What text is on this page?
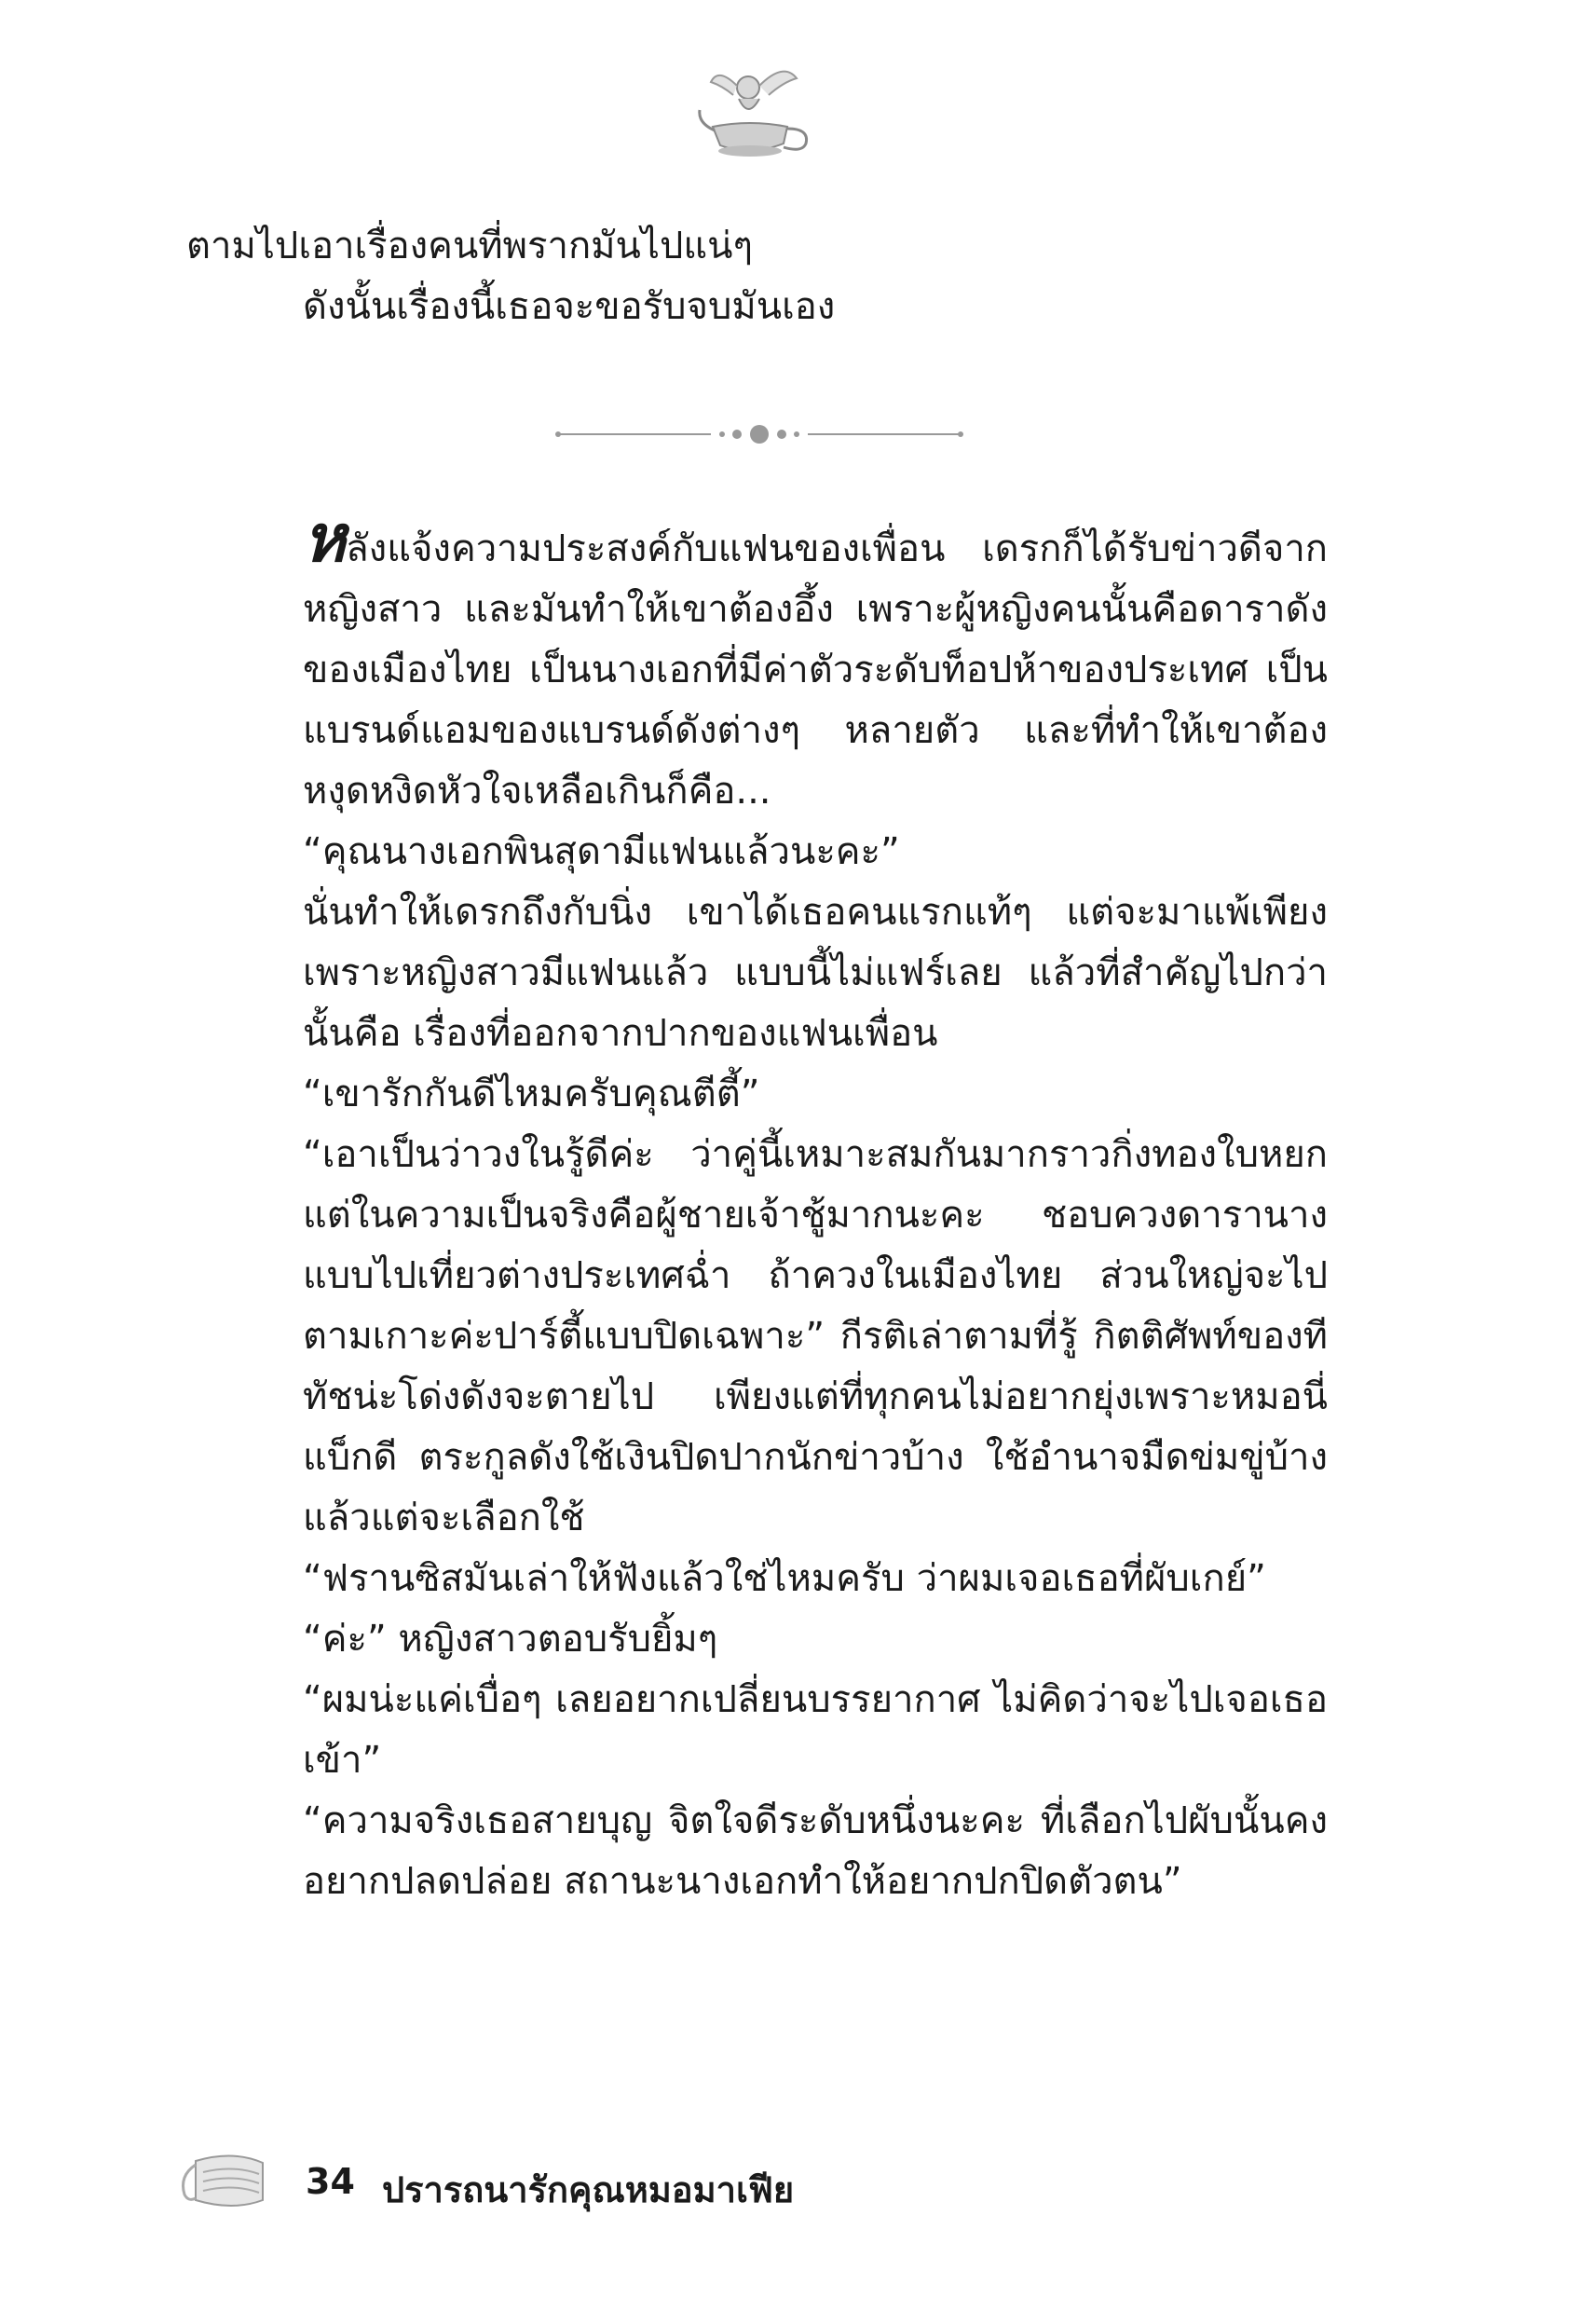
ตามไปเอาเรื่องคนที่พรากมันไปแน่ๆ
ดังนั้นเรื่องนี้เธอจะขอรับจบมันเอง
หลังแจ้งความประสงค์กับแฟนของเพื่อน เดรกก็ได้รับข่าวดีจากหญิงสาว และมันทำให้เขาต้องอึ้ง เพราะผู้หญิงคนนั้นคือดาราดังของเมืองไทย เป็นนางเอกที่มีค่าตัวระดับท็อปห้าของประเทศ เป็นแบรนด์แอมของแบรนด์ดังต่างๆ หลายตัว และที่ทำให้เขาต้องหงุดหงิดหัวใจเหลือเกินก็คือ...
“คุณนางเอกพินสุดามีแฟนแล้วนะคะ”
นั่นทำให้เดรกถึงกับนิ่ง เขาได้เธอคนแรกแท้ๆ แต่จะมาแพ้เพียงเพราะหญิงสาวมีแฟนแล้ว แบบนี้ไม่แฟร์เลย แล้วที่สำคัญไปกว่านั้นคือ เรื่องที่ออกจากปากของแฟนเพื่อน
“เขารักกันดีไหมครับคุณตีตี้”
“เอาเป็นว่าวงในรู้ดีค่ะ ว่าคู่นี้เหมาะสมกันมากราวกิ่งทองใบหยก แต่ในความเป็นจริงคือผู้ชายเจ้าชู้มากนะคะ ชอบควงดารานางแบบไปเที่ยวต่างประเทศฉ่ำ ถ้าควงในเมืองไทย ส่วนใหญ่จะไปตามเกาะค่ะปาร์ตี้แบบปิดเฉพาะ” กีรติเล่าตามที่รู้ กิตติศัพท์ของทีทัชน่ะโด่งดังจะตายไป เพียงแต่ที่ทุกคนไม่อยากยุ่งเพราะหมอนี่แบ็กดี ตระกูลดังใช้เงินปิดปากนักข่าวบ้าง ใช้อำนาจมืดข่มขู่บ้าง แล้วแต่จะเลือกใช้
“ฟรานซิสมันเล่าให้ฟังแล้วใช่ไหมครับ ว่าผมเจอเธอที่ผับเกย์”
“ค่ะ” หญิงสาวตอบรับยิ้มๆ
“ผมน่ะแค่เบื่อๆ เลยอยากเปลี่ยนบรรยากาศ ไม่คิดว่าจะไปเจอเธอเข้า”
“ความจริงเธอสายบุญ จิตใจดีระดับหนึ่งนะคะ ที่เลือกไปผับนั้นคงอยากปลดปล่อย สถานะนางเอกทำให้อยากปกปิดตัวตน”
34 ปรารถนารักคุณหมอมาเฟีย
